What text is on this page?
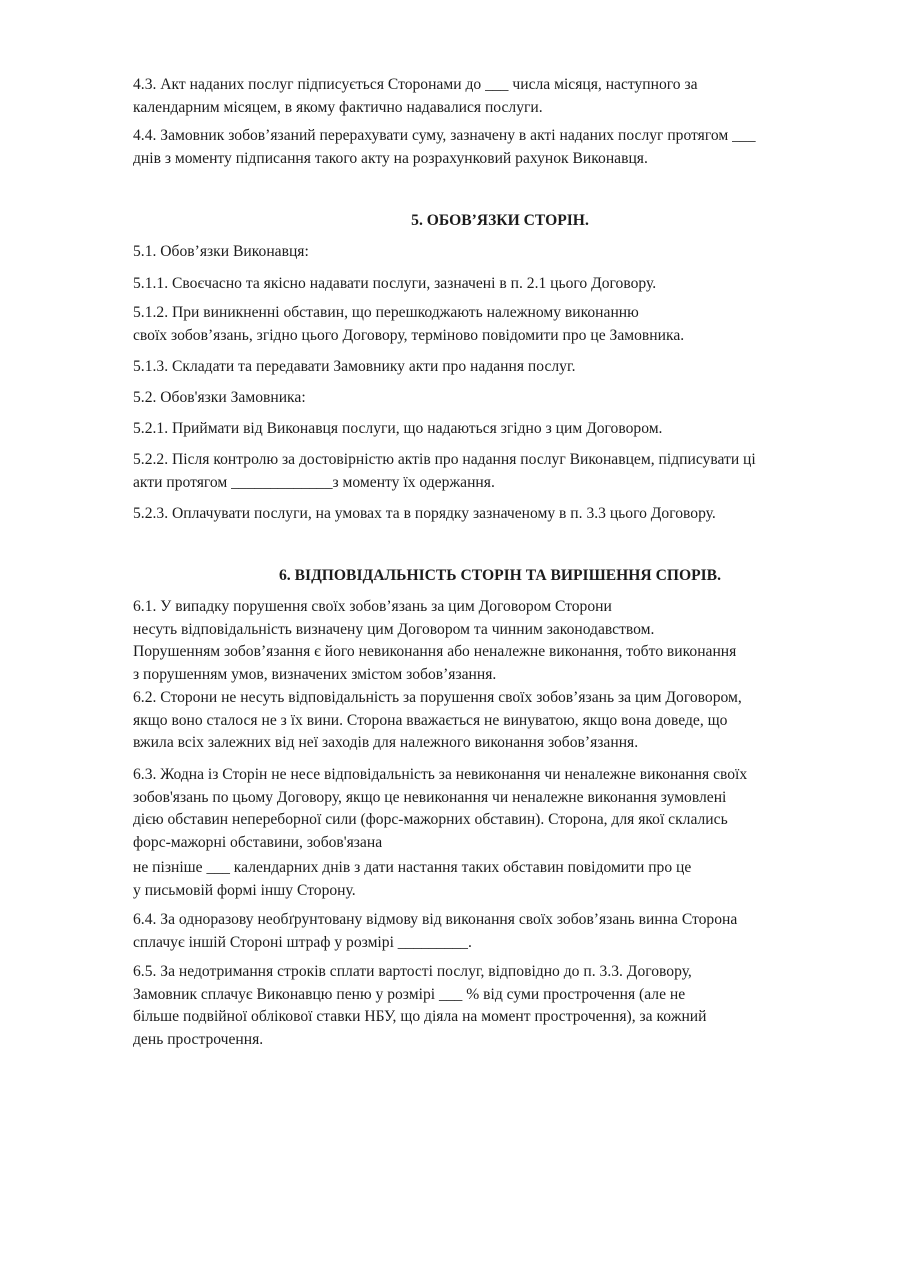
4.3. Акт наданих послуг підписується Сторонами до ___ числа місяця, наступного за
календарним місяцем, в якому фактично надавалися послуги.

4.4. Замовник зобов’язаний перерахувати суму, зазначену в акті наданих послуг протягом ___
днів з моменту підписання такого акту на розрахунковий рахунок Виконавця.

5. ОБОВ’ЯЗКИ СТОРІН.

5.1. Обов’язки Виконавця:

5.1.1. Своєчасно та якісно надавати послуги, зазначені в п. 2.1 цього Договору.

5.1.2. При виникненні обставин, що перешкоджають належному виконанню
своїх зобов’язань, згідно цього Договору, терміново повідомити про це Замовника.

5.1.3. Складати та передавати Замовнику акти про надання послуг.

5.2. Обов'язки Замовника:

5.2.1. Приймати від Виконавця послуги, що надаються згідно з цим Договором.

5.2.2. Після контролю за достовірністю актів про надання послуг Виконавцем, підписувати ці
акти протягом _____________з моменту їх одержання.

5.2.3. Оплачувати послуги, на умовах та в порядку зазначеному в п. 3.3 цього Договору.

6. ВІДПОВІДАЛЬНІСТЬ СТОРІН ТА ВИРІШЕННЯ СПОРІВ.

6.1. У випадку порушення своїх зобов’язань за цим Договором Сторони
несуть відповідальність визначену цим Договором та чинним законодавством.
Порушенням зобов’язання є його невиконання або неналежне виконання, тобто виконання
з порушенням умов, визначених змістом зобов’язання.

6.2. Сторони не несуть відповідальність за порушення своїх зобов’язань за цим Договором,
якщо воно сталося не з їх вини. Сторона вважається не винуватою, якщо вона доведе, що
вжила всіх залежних від неї заходів для належного виконання зобов’язання.

6.3. Жодна із Сторін не несе відповідальність за невиконання чи неналежне виконання своїх
зобов'язань по цьому Договору, якщо це невиконання чи неналежне виконання зумовлені
дією обставин непереборної сили (форс-мажорних обставин). Сторона, для якої склались
форс-мажорні обставини, зобов'язана

не пізніше ___ календарних днів з дати настання таких обставин повідомити про це
у письмовій формі іншу Сторону.

6.4. За одноразову необґрунтовану відмову від виконання своїх зобов’язань винна Сторона
сплачує іншій Стороні штраф у розмірі _________.

6.5. За недотримання строків сплати вартості послуг, відповідно до п. 3.3. Договору,
Замовник сплачує Виконавцю пеню у розмірі ___ % від суми прострочення (але не
більше подвійної облікової ставки НБУ, що діяла на момент прострочення), за кожний
день прострочення.
